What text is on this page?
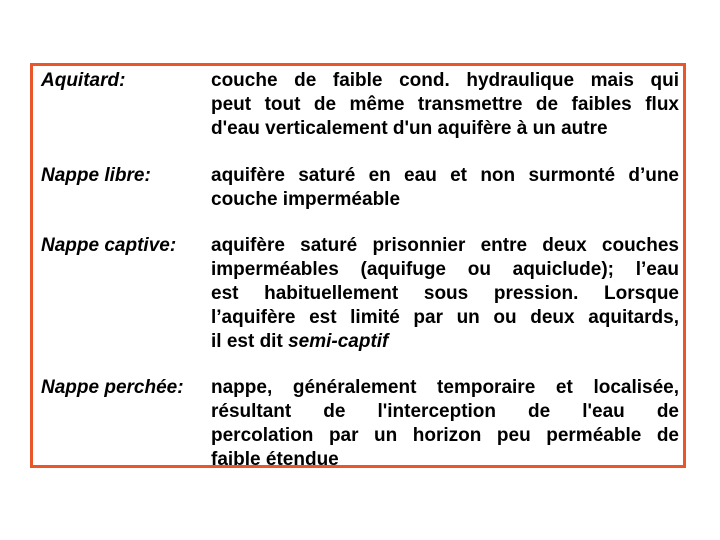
Aquitard:	couche de faible cond. hydraulique mais qui
peut tout de même transmettre de faibles flux
d'eau verticalement d'un aquifère à un autre
Nappe libre:	aquifère saturé en eau et non surmonté d’une
couche imperméable
Nappe captive: aquifère saturé prisonnier entre deux couches
imperméables (aquifuge ou aquiclude); l’eau
est habituellement sous pression. Lorsque
l’aquifère est limité par un ou deux aquitards,
il est dit semi-captif
Nappe perchée: nappe, généralement temporaire et localisée,
résultant de l'interception de l'eau de
percolation par un horizon peu perméable de
faible étendue
